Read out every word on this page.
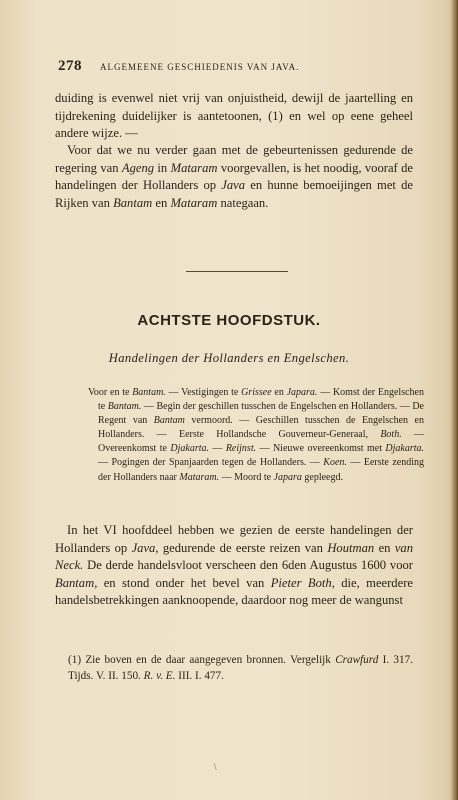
278 ALGEMEENE GESCHIEDENIS VAN JAVA.

duiding is evenwel niet vrij van onjuistheid, dewijl de jaartelling en tijdrekening duidelijker is aantetoonen, (1) en wel op eene geheel andere wijze. —

Voor dat we nu verder gaan met de gebeurtenissen gedurende de regering van Ageng in Mataram voorgevallen, is het noodig, vooraf de handelingen der Hollanders op Java en hunne bemoeijingen met de Rijken van Bantam en Mataram nategaan.

ACHTSTE HOOFDSTUK.
Handelingen der Hollanders en Engelschen.
Voor en te Bantam. — Vestigingen te Grissee en Japara. — Komst der Engelschen te Bantam. — Begin der geschillen tusschen de Engelschen en Hollanders. — De Regent van Bantam vermoord. — Geschillen tusschen de Engelschen en Hollanders. — Eerste Hollandsche Gouverneur-Generaal, Both. — Overeenkomst te Djakarta. — Reijnst. — Nieuwe overeenkomst met Djakarta. — Pogingen der Spanjaarden tegen de Hollanders. — Koen. — Eerste zending der Hollanders naar Mataram. — Moord te Japara gepleegd.

In het VI hoofddeel hebben we gezien de eerste handelingen der Hollanders op Java, gedurende de eerste reizen van Houtman en van Neck. De derde handelsvloot verscheen den 6den Augustus 1600 voor Bantam, en stond onder het bevel van Pieter Both, die, meerdere handelsbetrekkingen aanknoopende, daardoor nog meer de wangunst

(1) Zie boven en de daar aangegeven bronnen. Vergelijk Crawfurd I. 317. Tijds. V. II. 150. R. v. E. III. I. 477.
\
